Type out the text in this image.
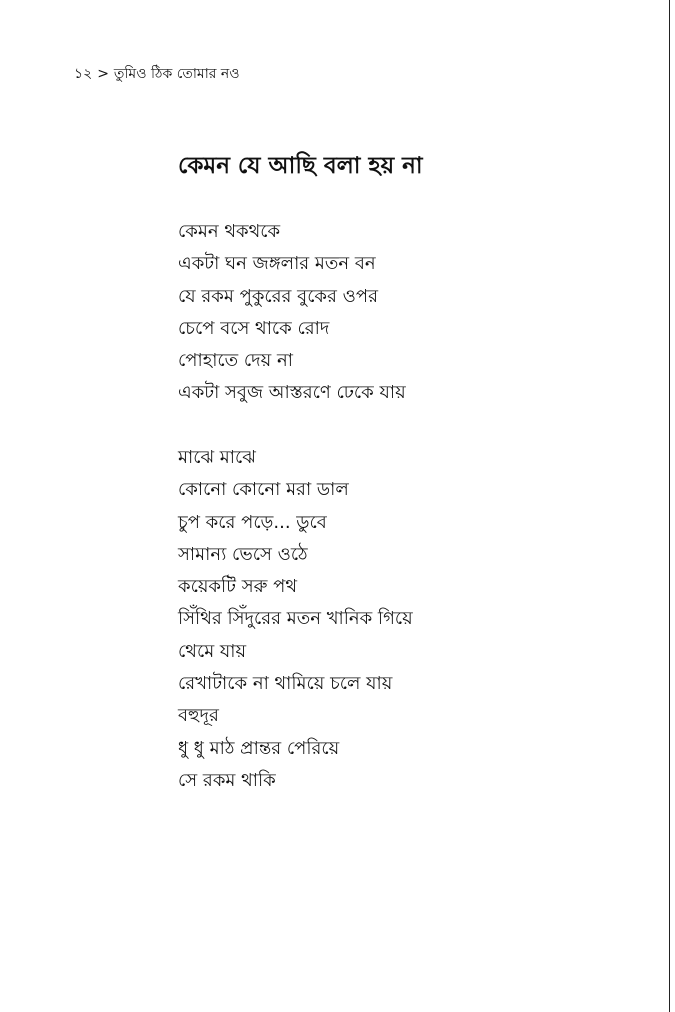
১২ > তুমিও ঠিক তোমার নও
কেমন যে আছি বলা হয় না
কেমন থকথকে
একটা ঘন জঙ্গলার মতন বন
যে রকম পুকুরের বুকের ওপর
চেপে বসে থাকে রোদ
পোহাতে দেয় না
একটা সবুজ আস্তরণে ঢেকে যায়
মাঝে মাঝে
কোনো কোনো মরা ডাল
চুপ করে পড়ে... ডুবে
সামান্য ভেসে ওঠে
কয়েকটি সরু পথ
সিঁথির সিঁদুরের মতন খানিক গিয়ে
থেমে যায়
রেখাটাকে না থামিয়ে চলে যায়
বহুদূর
ধু ধু মাঠ প্রান্তর পেরিয়ে
সে রকম থাকি
